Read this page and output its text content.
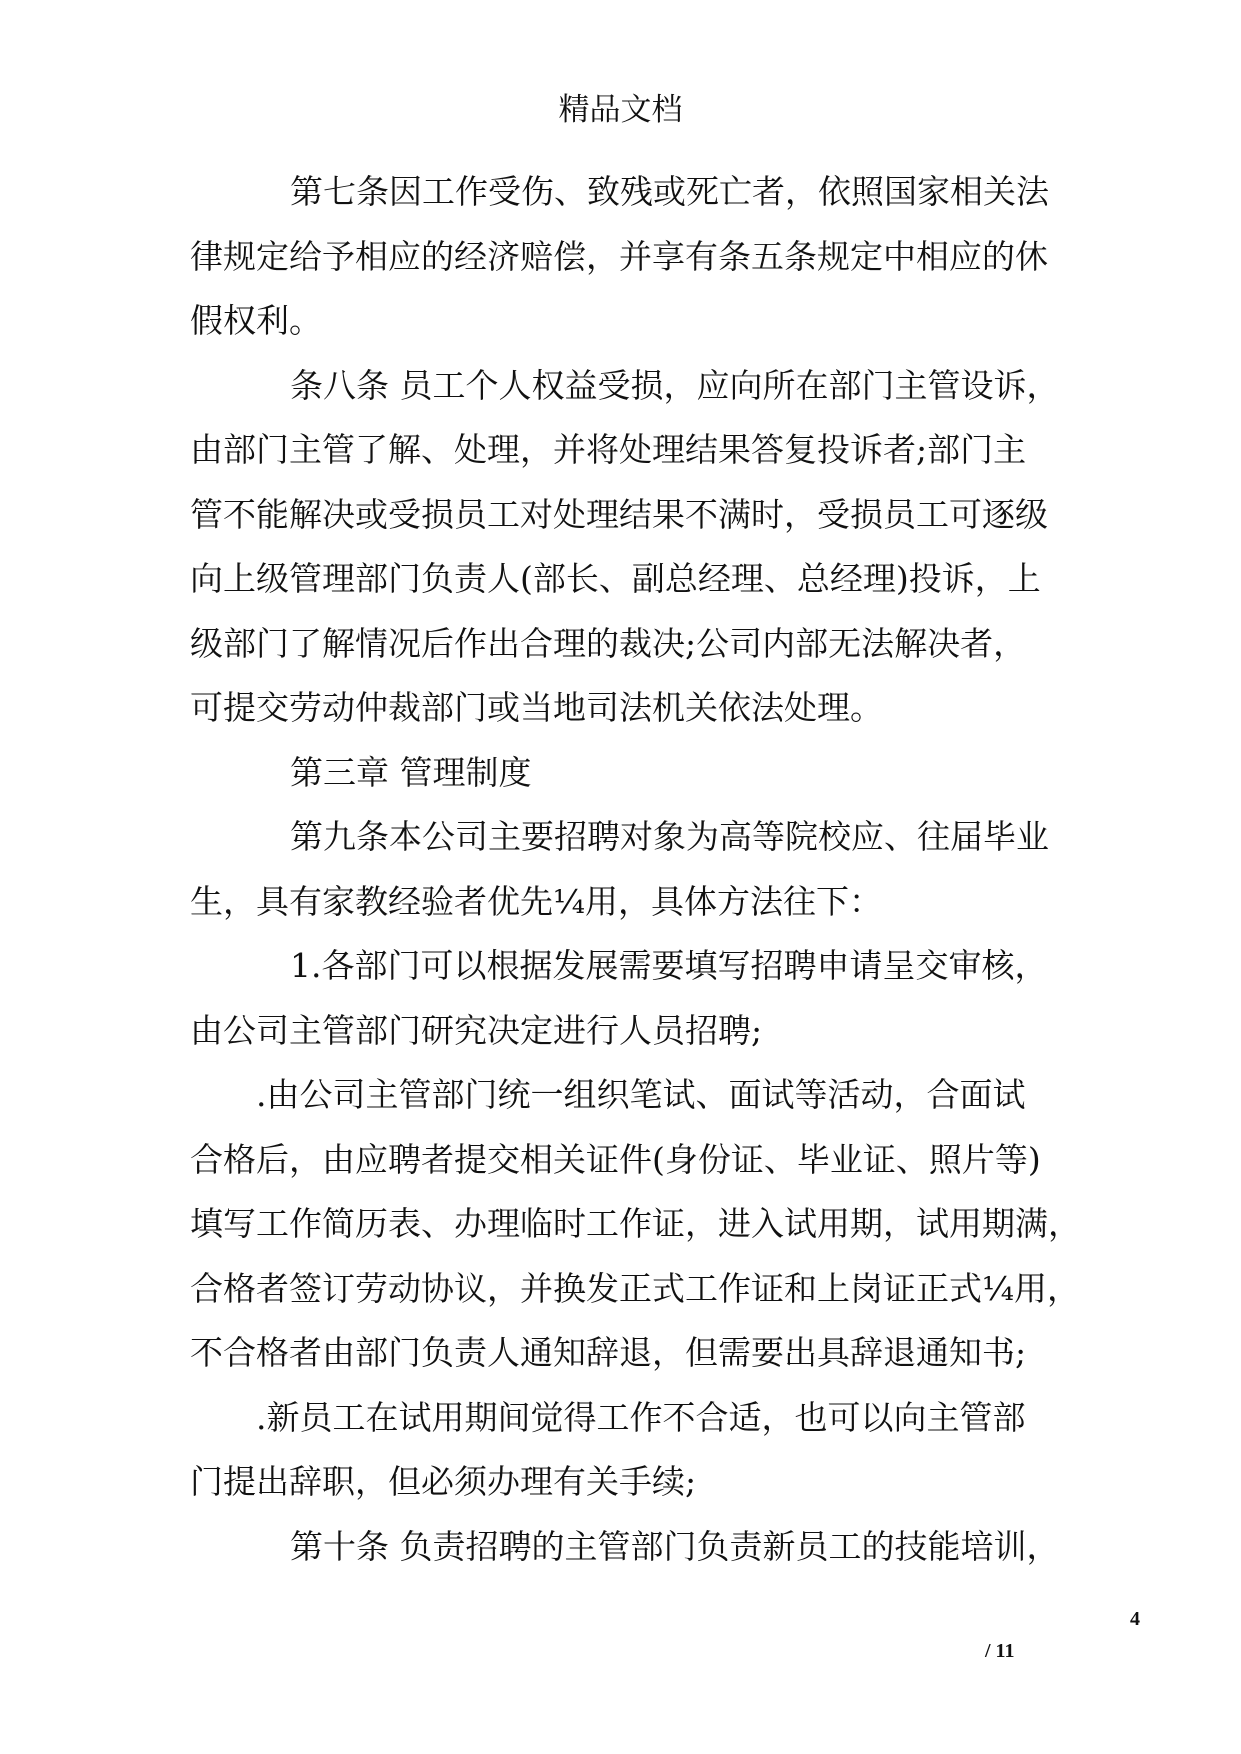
精品文档
第七条因工作受伤、致残或死亡者，依照国家相关法
律规定给予相应的经济赔偿，并享有条五条规定中相应的休
假权利。
条八条 员工个人权益受损，应向所在部门主管设诉，
由部门主管了解、处理，并将处理结果答复投诉者;部门主
管不能解决或受损员工对处理结果不满时，受损员工可逐级
向上级管理部门负责人(部长、副总经理、总经理)投诉，上
级部门了解情况后作出合理的裁决;公司内部无法解决者，
可提交劳动仲裁部门或当地司法机关依法处理。
第三章 管理制度
第九条本公司主要招聘对象为高等院校应、往届毕业
生，具有家教经验者优先¼用，具体方法往下：
1.各部门可以根据发展需要填写招聘申请呈交审核，
由公司主管部门研究决定进行人员招聘;
.由公司主管部门统一组织笔试、面试等活动，合面试
合格后，由应聘者提交相关证件(身份证、毕业证、照片等)
填写工作简历表、办理临时工作证，进入试用期，试用期满，
合格者签订劳动协议，并换发正式工作证和上岗证正式¼用，
不合格者由部门负责人通知辞退，但需要出具辞退通知书;
.新员工在试用期间觉得工作不合适，也可以向主管部
门提出辞职，但必须办理有关手续;
第十条 负责招聘的主管部门负责新员工的技能培训，
4
/ 11
